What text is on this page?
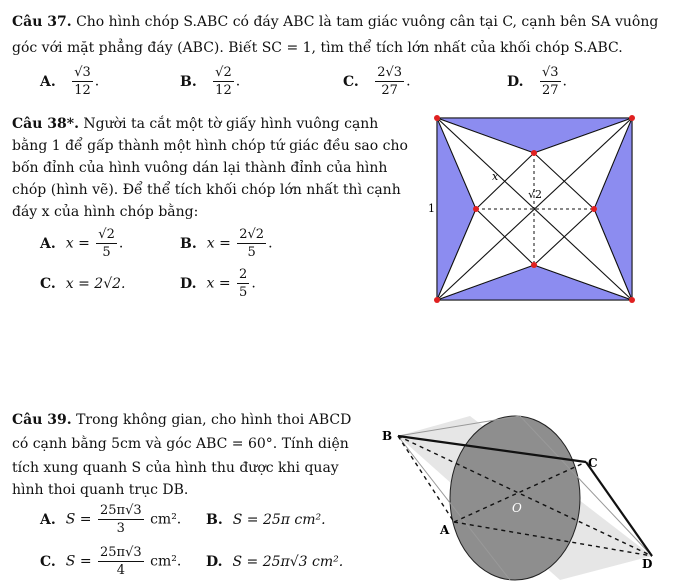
Câu 37. Cho hình chóp S.ABC có đáy ABC là tam giác vuông cân tại C, cạnh bên SA vuông
góc với mặt phẳng đáy (ABC). Biết SC = 1, tìm thể tích lớn nhất của khối chóp S.ABC.
A. $\frac{√3}{12}$ .	B. $\frac{√2}{12}$ .	C. $\frac{2√3}{27}$ .	D. $\frac{√3}{27}$ .
Câu 38*. Người ta cắt một tờ giấy hình vuông cạnh
bằng 1 để gấp thành một hình chóp tứ giác đều sao cho
bốn đỉnh của hình vuông dán lại thành đỉnh của hình
chóp (hình vẽ). Để thể tích khối chóp lớn nhất thì cạnh
đáy x của hình chóp bằng:
A. $x = \frac{√2}{5}$ .	B. $x = \frac{2√2}{5}$ .
C. x = 2√2.	D. $x = \frac{2}{5}$ .
1
x
√2
Câu 39. Trong không gian, cho hình thoi ABCD
có cạnh bằng 5cm và góc ABC = 60°. Tính diện
tích xung quanh S của hình thu được khi quay
hình thoi quanh trục DB.
A. $S = \frac{25\pi√3}{3} cm^2$. B. S = 25π cm².
C. $S = \frac{25\pi√3}{4} cm^2$. D. S = 25π√3 cm².
B
C
O
A
D
